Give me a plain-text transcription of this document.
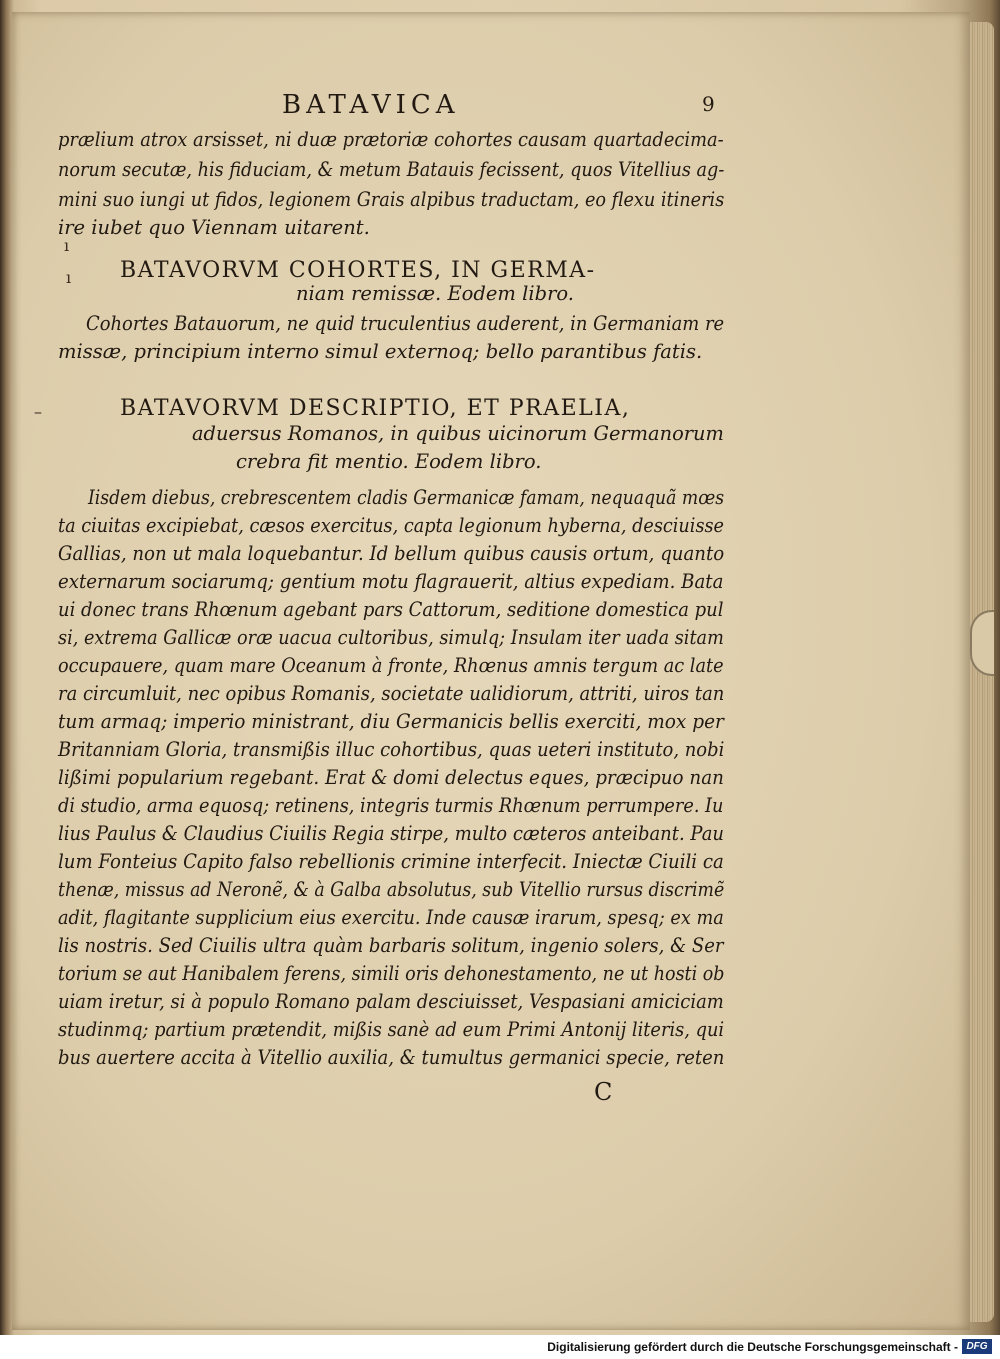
BATAVICA	9
prælium atrox arsisset, ni duæ prætoriæ cohortes causam quartadecima-
norum secutæ, his fiduciam, & metum Batauis fecissent, quos Vitellius ag-
mini suo iungi ut fidos, legionem Grais alpibus traductam, eo flexu itineris
ire iubet quo Viennam uitarent.
BATAVORVM COHORTES, IN GERMA-
niam remissæ. Eodem libro.
Cohortes Batauorum, ne quid truculentius auderent, in Germaniam re
missæ, principium interno simul externoq; bello parantibus fatis.
BATAVORVM DESCRIPTIO, ET PRAELIA,
aduersus Romanos, in quibus uicinorum Germanorum
crebra fit mentio. Eodem libro.
Iisdem diebus, crebrescentem cladis Germanicæ famam, nequaquã mœs
ta ciuitas excipiebat, cæsos exercitus, capta legionum hyberna, desciuisse
Gallias, non ut mala loquebantur. Id bellum quibus causis ortum, quanto
externarum sociarumq; gentium motu flagrauerit, altius expediam. Bata
ui donec trans Rhœnum agebant pars Cattorum, seditione domestica pul
si, extrema Gallicæ oræ uacua cultoribus, simulq; Insulam iter uada sitam
occupauere, quam mare Oceanum à fronte, Rhœnus amnis tergum ac late
ra circumluit, nec opibus Romanis, societate ualidiorum, attriti, uiros tan
tum armaq; imperio ministrant, diu Germanicis bellis exerciti, mox per
Britanniam Gloria, transmißis illuc cohortibus, quas ueteri instituto, nobi
lißimi popularium regebant. Erat & domi delectus eques, præcipuo nan
di studio, arma equosq; retinens, integris turmis Rhœnum perrumpere. Iu
lius Paulus & Claudius Ciuilis Regia stirpe, multo cæteros anteibant. Pau
lum Fonteius Capito falso rebellionis crimine interfecit. Iniectæ Ciuili ca
thenæ, missus ad Neronẽ, & à Galba absolutus, sub Vitellio rursus discrimẽ
adit, flagitante supplicium eius exercitu. Inde causæ irarum, spesq; ex ma
lis nostris. Sed Ciuilis ultra quàm barbaris solitum, ingenio solers, & Ser
torium se aut Hanibalem ferens, simili oris dehonestamento, ne ut hosti ob
uiam iretur, si à populo Romano palam desciuisset, Vespasiani amiciciam
studinmq; partium prætendit, mißis sanè ad eum Primi Antonij literis, qui
bus auertere accita à Vitellio auxilia, & tumultus germanici specie, reten
C
ı
ı
–
Digitalisierung gefördert durch die Deutsche Forschungsgemeinschaft - DFG
